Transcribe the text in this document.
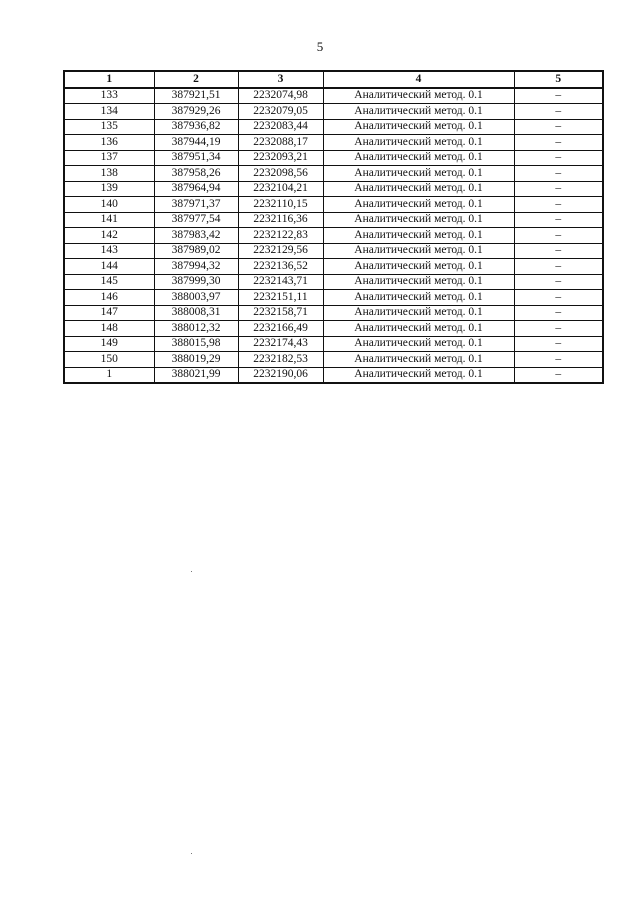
5
1	2	3	4	5
133	387921,51	2232074,98	Аналитический метод. 0.1	–
134	387929,26	2232079,05	Аналитический метод. 0.1	–
135	387936,82	2232083,44	Аналитический метод. 0.1	–
136	387944,19	2232088,17	Аналитический метод. 0.1	–
137	387951,34	2232093,21	Аналитический метод. 0.1	–
138	387958,26	2232098,56	Аналитический метод. 0.1	–
139	387964,94	2232104,21	Аналитический метод. 0.1	–
140	387971,37	2232110,15	Аналитический метод. 0.1	–
141	387977,54	2232116,36	Аналитический метод. 0.1	–
142	387983,42	2232122,83	Аналитический метод. 0.1	–
143	387989,02	2232129,56	Аналитический метод. 0.1	–
144	387994,32	2232136,52	Аналитический метод. 0.1	–
145	387999,30	2232143,71	Аналитический метод. 0.1	–
146	388003,97	2232151,11	Аналитический метод. 0.1	–
147	388008,31	2232158,71	Аналитический метод. 0.1	–
148	388012,32	2232166,49	Аналитический метод. 0.1	–
149	388015,98	2232174,43	Аналитический метод. 0.1	–
150	388019,29	2232182,53	Аналитический метод. 0.1	–
1	388021,99	2232190,06	Аналитический метод. 0.1	–
